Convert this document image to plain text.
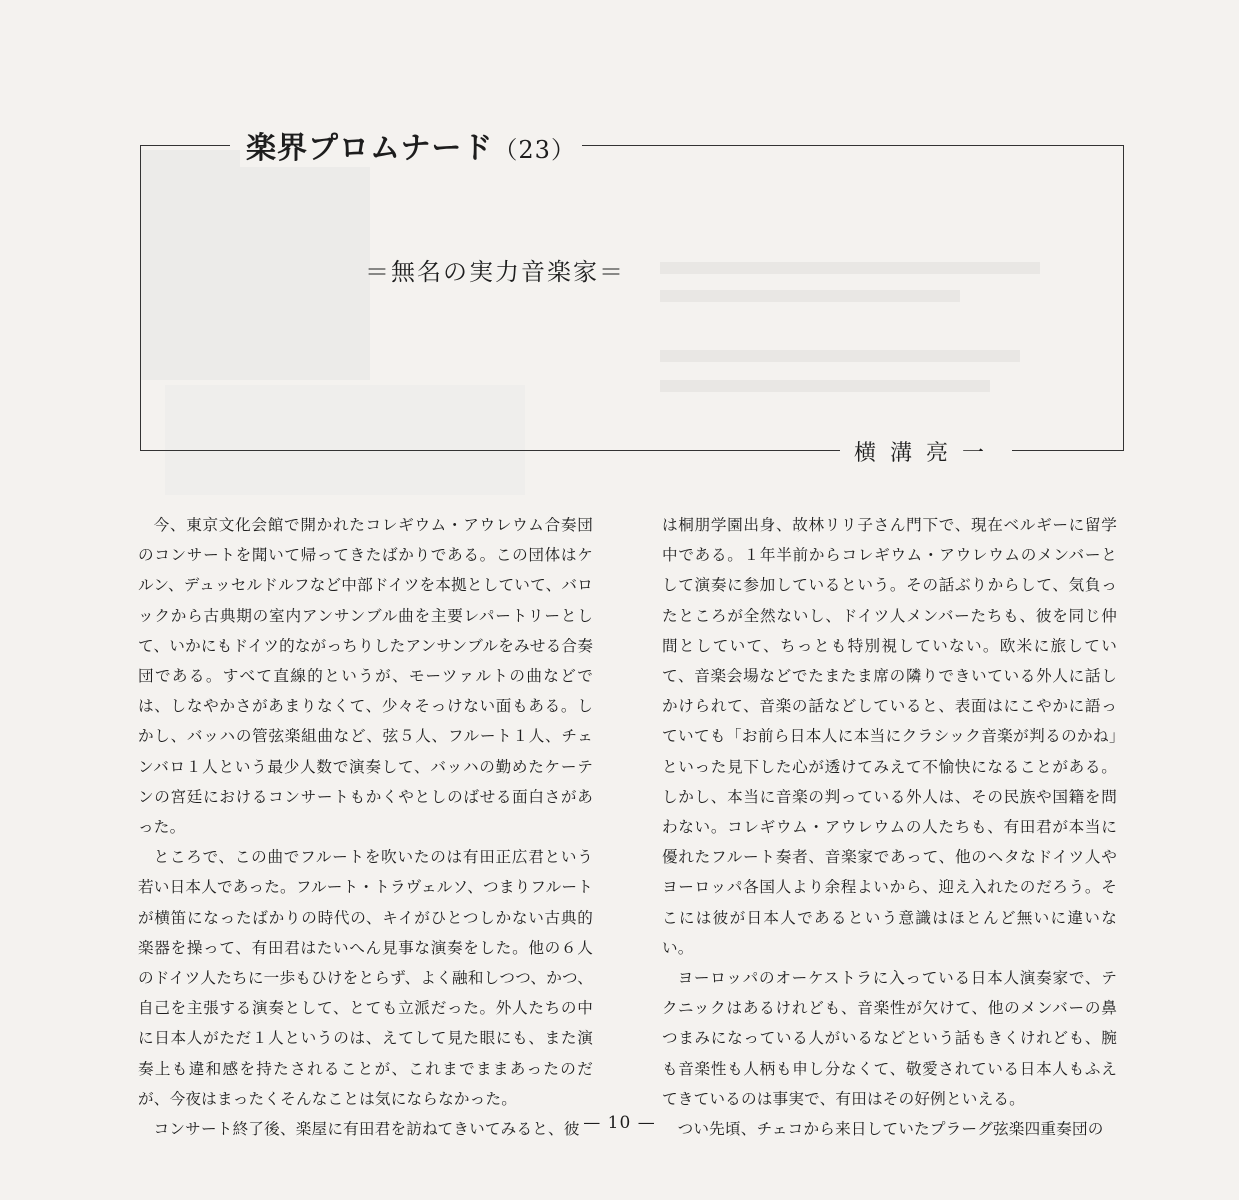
楽界プロムナード（23）
＝無名の実力音楽家＝
横溝亮一

今、東京文化会館で開かれたコレギウム・アウレウム合奏団のコンサートを聞いて帰ってきたばかりである。この団体はケルン、デュッセルドルフなど中部ドイツを本拠としていて、バロックから古典期の室内アンサンブル曲を主要レパートリーとして、いかにもドイツ的ながっちりしたアンサンブルをみせる合奏団である。すべて直線的というが、モーツァルトの曲などでは、しなやかさがあまりなくて、少々そっけない面もある。しかし、バッハの管弦楽組曲など、弦５人、フルート１人、チェンバロ１人という最少人数で演奏して、バッハの勤めたケーテンの宮廷におけるコンサートもかくやとしのばせる面白さがあった。

ところで、この曲でフルートを吹いたのは有田正広君という若い日本人であった。フルート・トラヴェルソ、つまりフルートが横笛になったばかりの時代の、キイがひとつしかない古典的楽器を操って、有田君はたいへん見事な演奏をした。他の６人のドイツ人たちに一歩もひけをとらず、よく融和しつつ、かつ、自己を主張する演奏として、とても立派だった。外人たちの中に日本人がただ１人というのは、えてして見た眼にも、また演奏上も違和感を持たされることが、これまでままあったのだが、今夜はまったくそんなことは気にならなかった。

コンサート終了後、楽屋に有田君を訪ねてきいてみると、彼

は桐朋学園出身、故林リリ子さん門下で、現在ベルギーに留学中である。１年半前からコレギウム・アウレウムのメンバーとして演奏に参加しているという。その話ぶりからして、気負ったところが全然ないし、ドイツ人メンバーたちも、彼を同じ仲間としていて、ちっとも特別視していない。欧米に旅していて、音楽会場などでたまたま席の隣りできいている外人に話しかけられて、音楽の話などしていると、表面はにこやかに語っていても「お前ら日本人に本当にクラシック音楽が判るのかね」といった見下した心が透けてみえて不愉快になることがある。しかし、本当に音楽の判っている外人は、その民族や国籍を問わない。コレギウム・アウレウムの人たちも、有田君が本当に優れたフルート奏者、音楽家であって、他のヘタなドイツ人やヨーロッパ各国人より余程よいから、迎え入れたのだろう。そこには彼が日本人であるという意識はほとんど無いに違いない。

ヨーロッパのオーケストラに入っている日本人演奏家で、テクニックはあるけれども、音楽性が欠けて、他のメンバーの鼻つまみになっている人がいるなどという話もきくけれども、腕も音楽性も人柄も申し分なくて、敬愛されている日本人もふえてきているのは事実で、有田はその好例といえる。

つい先頃、チェコから来日していたプラーグ弦楽四重奏団の

— 10 —
